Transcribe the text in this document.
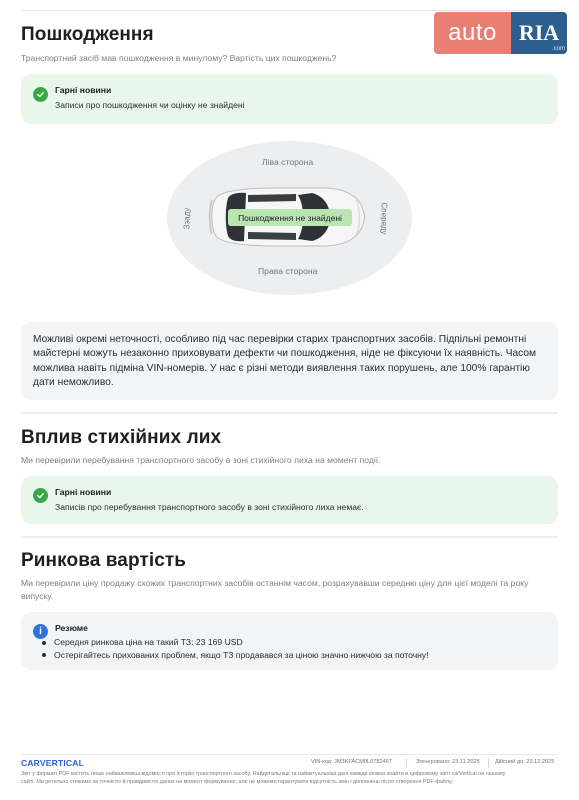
auto RIA
.com
Пошкодження
Транспортний засіб мав пошкодження в минулому? Вартість цих пошкоджень?
Гарні новини
Записи про пошкодження чи оцінку не знайдені
Ліва сторона
Права сторона
Ззаду	Спереду
Пошкодження не знайдені
Можливі окремі неточності, особливо під час перевірки старих транспортних засобів. Підпільні ремонтні майстерні можуть незаконно приховувати дефекти чи пошкодження, ніде не фіксуючи їх наявність. Часом можлива навіть підміна VIN-номерів. У нас є різні методи виявлення таких порушень, але 100% гарантію дати неможливо.
Вплив стихійних лих
Ми перевірили перебування транспортного засобу в зоні стихійного лиха на момент події.
Гарні новини
Записів про перебування транспортного засобу в зоні стихійного лиха немає.
Ринкова вартість
Ми перевірили ціну продажу схожих транспортних засобів останнім часом, розрахувавши середню ціну для цієї моделі та року випуску.
i	Резюме
Середня ринкова ціна на такий ТЗ: 23 169 USD
Остерігайтесь прихованих проблем, якщо ТЗ продавався за ціною значно нижчою за поточну!
CARVERTICAL	VIN-код: JM3KFACM0L0782467	Згенеровано: 23.11.2025	Дійсний до: 23.12.2025
Звіт у форматі PDF містить лише найважливіші відомості про історію транспортного засобу. Найдетальніші та найактуальніші дані завжди можна знайти в цифровому звіті carVertical на нашому
сайті. Ми ретельно стежимо за точністю й правдивістю даних на момент формування, але не можемо гарантувати відсутність змін і доповнень після створення PDF-файлу.
